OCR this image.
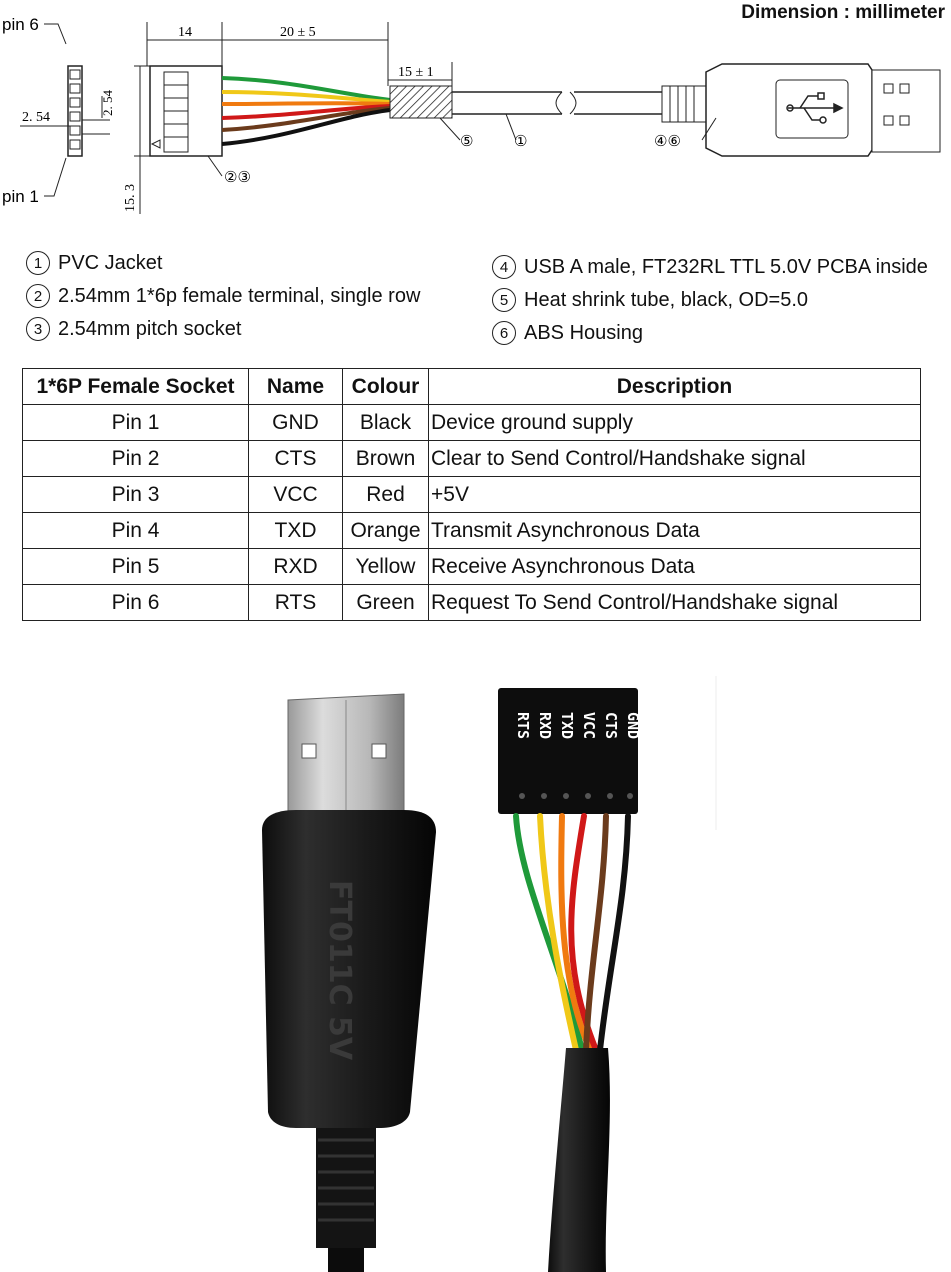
Dimension : millimeter
pin 6
pin 1
2. 54
2. 54
15. 3
14	20 ± 5
15 ± 1
②③
⑤	①	④⑥
1 PVC Jacket
2 2.54mm 1*6p female terminal, single row
3 2.54mm pitch socket
4 USB A male, FT232RL TTL 5.0V PCBA inside
5 Heat shrink tube, black, OD=5.0
6 ABS Housing
1*6P Female Socket	Name	Colour	Description
Pin 1	GND	Black	Device ground supply
Pin 2	CTS	Brown	Clear to Send Control/Handshake signal
Pin 3	VCC	Red	+5V
Pin 4	TXD	Orange	Transmit Asynchronous Data
Pin 5	RXD	Yellow	Receive Asynchronous Data
Pin 6	RTS	Green	Request To Send Control/Handshake signal
FT011C 5V
GND
CTS
VCC
TXD
RXD
RTS
